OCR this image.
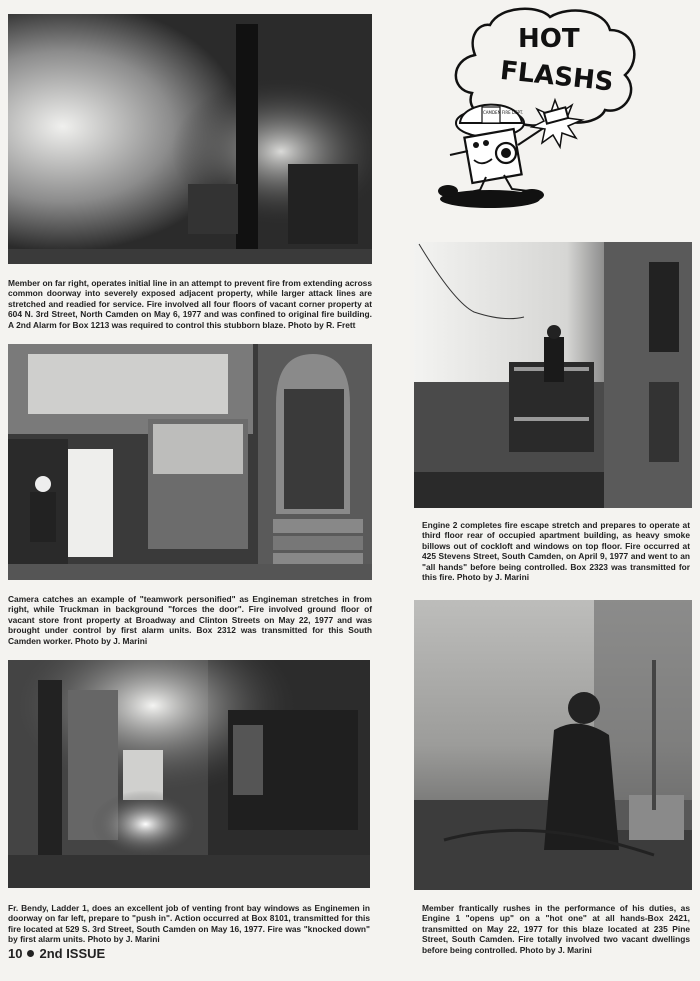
HOT
FLASHS
CAMDEN FIRE DEPT.
Member on far right, operates initial line in an attempt to prevent fire from extending across common doorway into severely exposed adjacent property, while larger attack lines are stretched and readied for service. Fire involved all four floors of vacant corner property at 604 N. 3rd Street, North Camden on May 6, 1977 and was confined to original fire building. A 2nd Alarm for Box 1213 was required to control this stubborn blaze. Photo by R. Frett
Camera catches an example of "teamwork personified" as Engineman stretches in from right, while Truckman in background "forces the door". Fire involved ground floor of vacant store front property at Broadway and Clinton Streets on May 22, 1977 and was brought under control by first alarm units. Box 2312 was transmitted for this South Camden worker. Photo by J. Marini
Fr. Bendy, Ladder 1, does an excellent job of venting front bay windows as Enginemen in doorway on far left, prepare to "push in". Action occurred at Box 8101, transmitted for this fire located at 529 S. 3rd Street, South Camden on May 16, 1977. Fire was "knocked down" by first alarm units. Photo by J. Marini
Engine 2 completes fire escape stretch and prepares to operate at third floor rear of occupied apartment building, as heavy smoke billows out of cockloft and windows on top floor. Fire occurred at 425 Stevens Street, South Camden, on April 9, 1977 and went to an "all hands" before being controlled. Box 2323 was transmitted for this fire. Photo by J. Marini
Member frantically rushes in the performance of his duties, as Engine 1 "opens up" on a "hot one" at all hands-Box 2421, transmitted on May 22, 1977 for this blaze located at 235 Pine Street, South Camden. Fire totally involved two vacant dwellings before being controlled. Photo by J. Marini
10 2nd ISSUE
